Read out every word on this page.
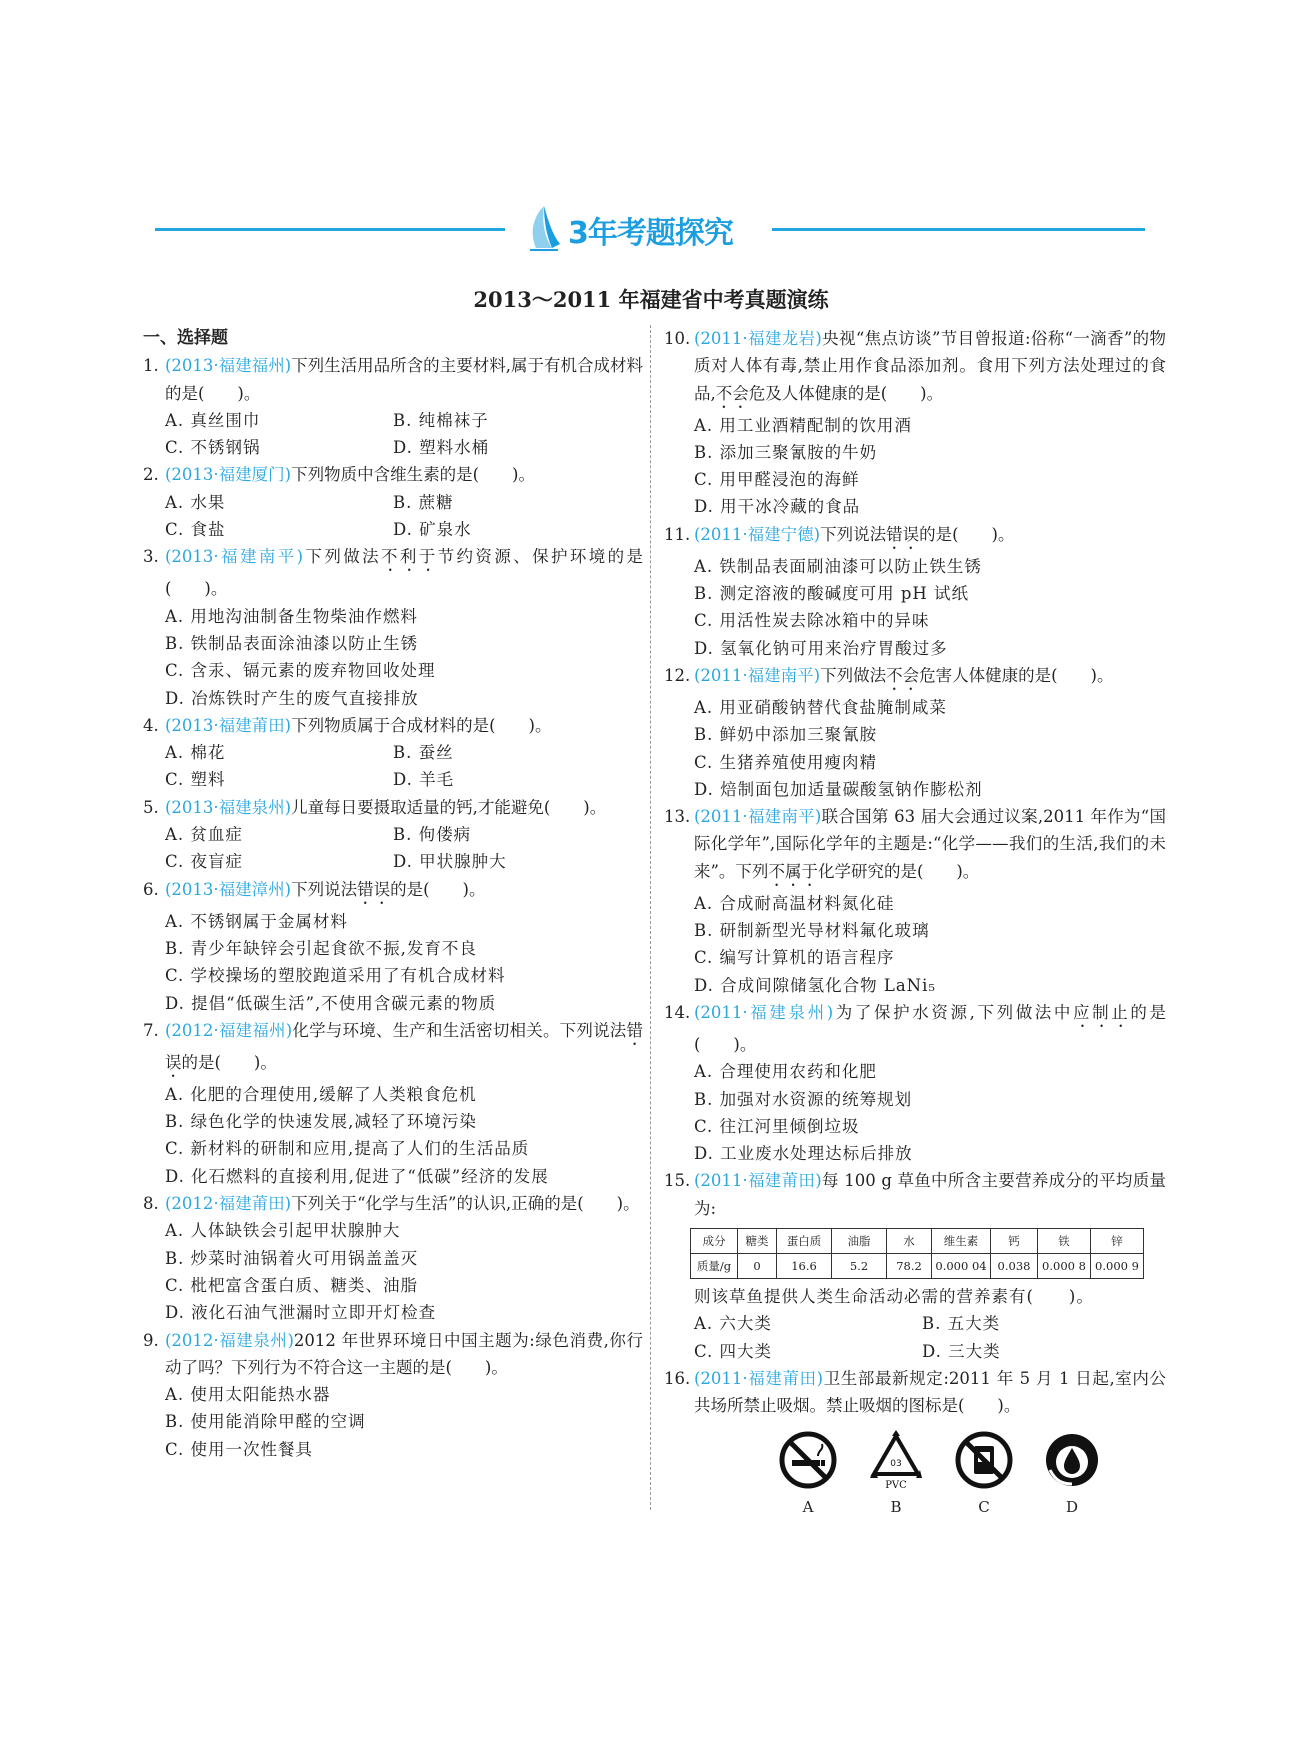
3年考题探究
2013～2011 年福建省中考真题演练
一、选择题
1. (2013·福建福州)下列生活用品所含的主要材料,属于有机合成材料的是(　　)。
A. 真丝围巾	B. 纯棉袜子
C. 不锈钢锅	D. 塑料水桶
2. (2013·福建厦门)下列物质中含维生素的是(　　)。
A. 水果	B. 蔗糖
C. 食盐	D. 矿泉水
3. (2013·福建南平)下列做法不利于节约资源、保护环境的是(　　)。
A. 用地沟油制备生物柴油作燃料
B. 铁制品表面涂油漆以防止生锈
C. 含汞、镉元素的废弃物回收处理
D. 冶炼铁时产生的废气直接排放
4. (2013·福建莆田)下列物质属于合成材料的是(　　)。
A. 棉花	B. 蚕丝
C. 塑料	D. 羊毛
5. (2013·福建泉州)儿童每日要摄取适量的钙,才能避免(　　)。
A. 贫血症	B. 佝偻病
C. 夜盲症	D. 甲状腺肿大
6. (2013·福建漳州)下列说法错误的是(　　)。
A. 不锈钢属于金属材料
B. 青少年缺锌会引起食欲不振,发育不良
C. 学校操场的塑胶跑道采用了有机合成材料
D. 提倡“低碳生活”,不使用含碳元素的物质
7. (2012·福建福州)化学与环境、生产和生活密切相关。下列说法错误的是(　　)。
A. 化肥的合理使用,缓解了人类粮食危机
B. 绿色化学的快速发展,减轻了环境污染
C. 新材料的研制和应用,提高了人们的生活品质
D. 化石燃料的直接利用,促进了“低碳”经济的发展
8. (2012·福建莆田)下列关于“化学与生活”的认识,正确的是(　　)。
A. 人体缺铁会引起甲状腺肿大
B. 炒菜时油锅着火可用锅盖盖灭
C. 枇杷富含蛋白质、糖类、油脂
D. 液化石油气泄漏时立即开灯检查
9. (2012·福建泉州)2012 年世界环境日中国主题为:绿色消费,你行动了吗？下列行为不符合这一主题的是(　　)。
A. 使用太阳能热水器
B. 使用能消除甲醛的空调
C. 使用一次性餐具
10. (2011·福建龙岩)央视“焦点访谈”节目曾报道:俗称“一滴香”的物质对人体有毒,禁止用作食品添加剂。食用下列方法处理过的食品,不会危及人体健康的是(　　)。
A. 用工业酒精配制的饮用酒
B. 添加三聚氰胺的牛奶
C. 用甲醛浸泡的海鲜
D. 用干冰冷藏的食品
11. (2011·福建宁德)下列说法错误的是(　　)。
A. 铁制品表面刷油漆可以防止铁生锈
B. 测定溶液的酸碱度可用 pH 试纸
C. 用活性炭去除冰箱中的异味
D. 氢氧化钠可用来治疗胃酸过多
12. (2011·福建南平)下列做法不会危害人体健康的是(　　)。
A. 用亚硝酸钠替代食盐腌制咸菜
B. 鲜奶中添加三聚氰胺
C. 生猪养殖使用瘦肉精
D. 焙制面包加适量碳酸氢钠作膨松剂
13. (2011·福建南平)联合国第 63 届大会通过议案,2011 年作为“国际化学年”,国际化学年的主题是:“化学——我们的生活,我们的未来”。下列不属于化学研究的是(　　)。
A. 合成耐高温材料氮化硅
B. 研制新型光导材料氟化玻璃
C. 编写计算机的语言程序
D. 合成间隙储氢化合物 LaNi₅
14. (2011·福建泉州)为了保护水资源,下列做法中应制止的是(　　)。
A. 合理使用农药和化肥
B. 加强对水资源的统筹规划
C. 往江河里倾倒垃圾
D. 工业废水处理达标后排放
15. (2011·福建莆田)每 100 g 草鱼中所含主要营养成分的平均质量为:
成分	糖类	蛋白质	油脂	水	维生素	钙	铁	锌
质量/g	0	16.6	5.2	78.2	0.000 04	0.038	0.000 8	0.000 9
则该草鱼提供人类生命活动必需的营养素有(　　)。
A. 六大类	B. 五大类
C. 四大类	D. 三大类
16. (2011·福建莆田)卫生部最新规定:2011 年 5 月 1 日起,室内公共场所禁止吸烟。禁止吸烟的图标是(　　)。
A
03
PVC
B	C	D
